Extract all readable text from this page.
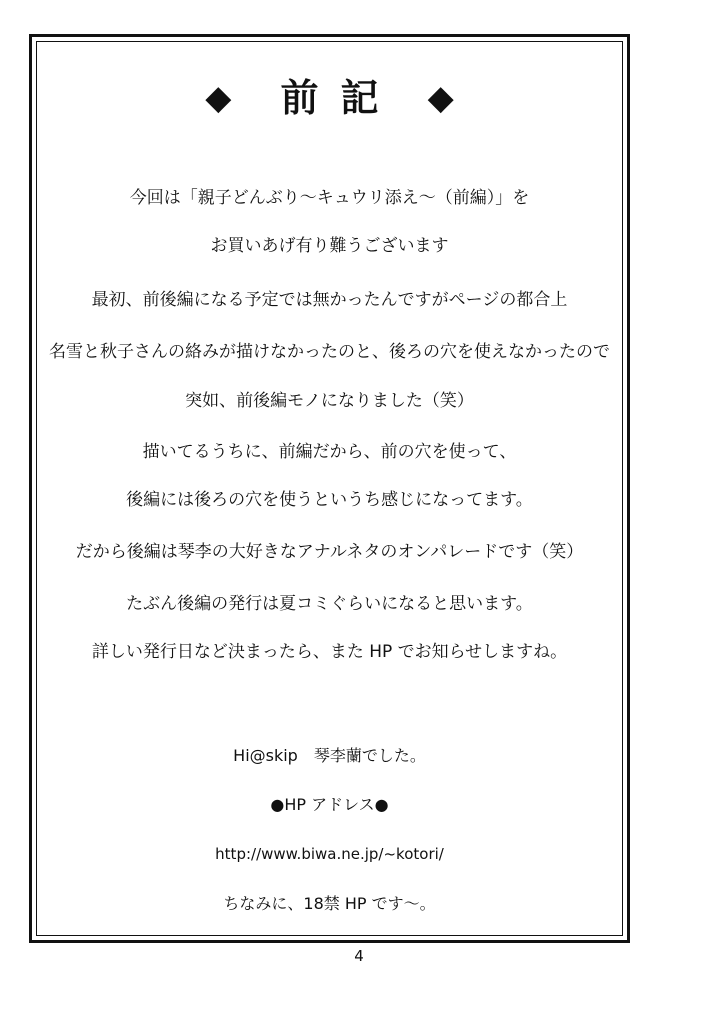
◆ 前記 ◆
今回は「親子どんぶり～キュウリ添え～（前編）」を
お買いあげ有り難うございます
最初、前後編になる予定では無かったんですがページの都合上
名雪と秋子さんの絡みが描けなかったのと、後ろの穴を使えなかったので
突如、前後編モノになりました（笑）
描いてるうちに、前編だから、前の穴を使って、
後編には後ろの穴を使うというち感じになってます。
だから後編は琴李の大好きなアナルネタのオンパレードです（笑）
たぶん後編の発行は夏コミぐらいになると思います。
詳しい発行日など決まったら、また HP でお知らせしますね。
Hi@skip　琴李蘭でした。
●HP アドレス●
http://www.biwa.ne.jp/~kotori/
ちなみに、18禁 HP です～。
4
